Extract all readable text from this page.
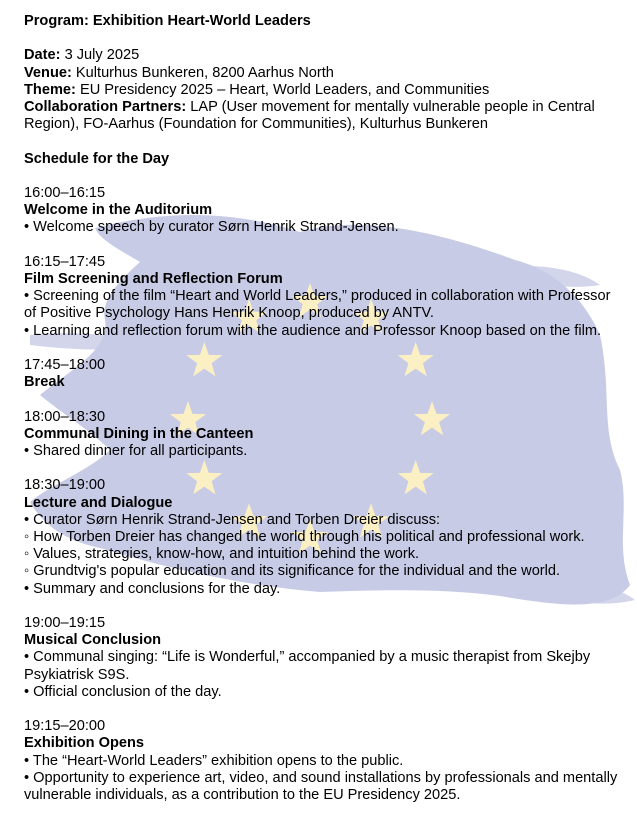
Program: Exhibition Heart-World Leaders

Date: 3 July 2025

Venue: Kulturhus Bunkeren, 8200 Aarhus North

Theme: EU Presidency 2025 – Heart, World Leaders, and Communities

Collaboration Partners: LAP (User movement for mentally vulnerable people in Central Region), FO-Aarhus (Foundation for Communities), Kulturhus Bunkeren

Schedule for the Day

16:00–16:15

Welcome in the Auditorium

• Welcome speech by curator Sørn Henrik Strand-Jensen.

16:15–17:45

Film Screening and Reflection Forum

• Screening of the film “Heart and World Leaders,” produced in collaboration with Professor of Positive Psychology Hans Henrik Knoop, produced by ANTV.

• Learning and reflection forum with the audience and Professor Knoop based on the film.

17:45–18:00

Break

18:00–18:30

Communal Dining in the Canteen

• Shared dinner for all participants.

18:30–19:00

Lecture and Dialogue

• Curator Sørn Henrik Strand-Jensen and Torben Dreier discuss:

◦ How Torben Dreier has changed the world through his political and professional work.

◦ Values, strategies, know-how, and intuition behind the work.

◦ Grundtvig's popular education and its significance for the individual and the world.

• Summary and conclusions for the day.

19:00–19:15

Musical Conclusion

• Communal singing: “Life is Wonderful,” accompanied by a music therapist from Skejby Psykiatrisk S9S.

• Official conclusion of the day.

19:15–20:00

Exhibition Opens

• The “Heart-World Leaders” exhibition opens to the public.

• Opportunity to experience art, video, and sound installations by professionals and mentally vulnerable individuals, as a contribution to the EU Presidency 2025.
